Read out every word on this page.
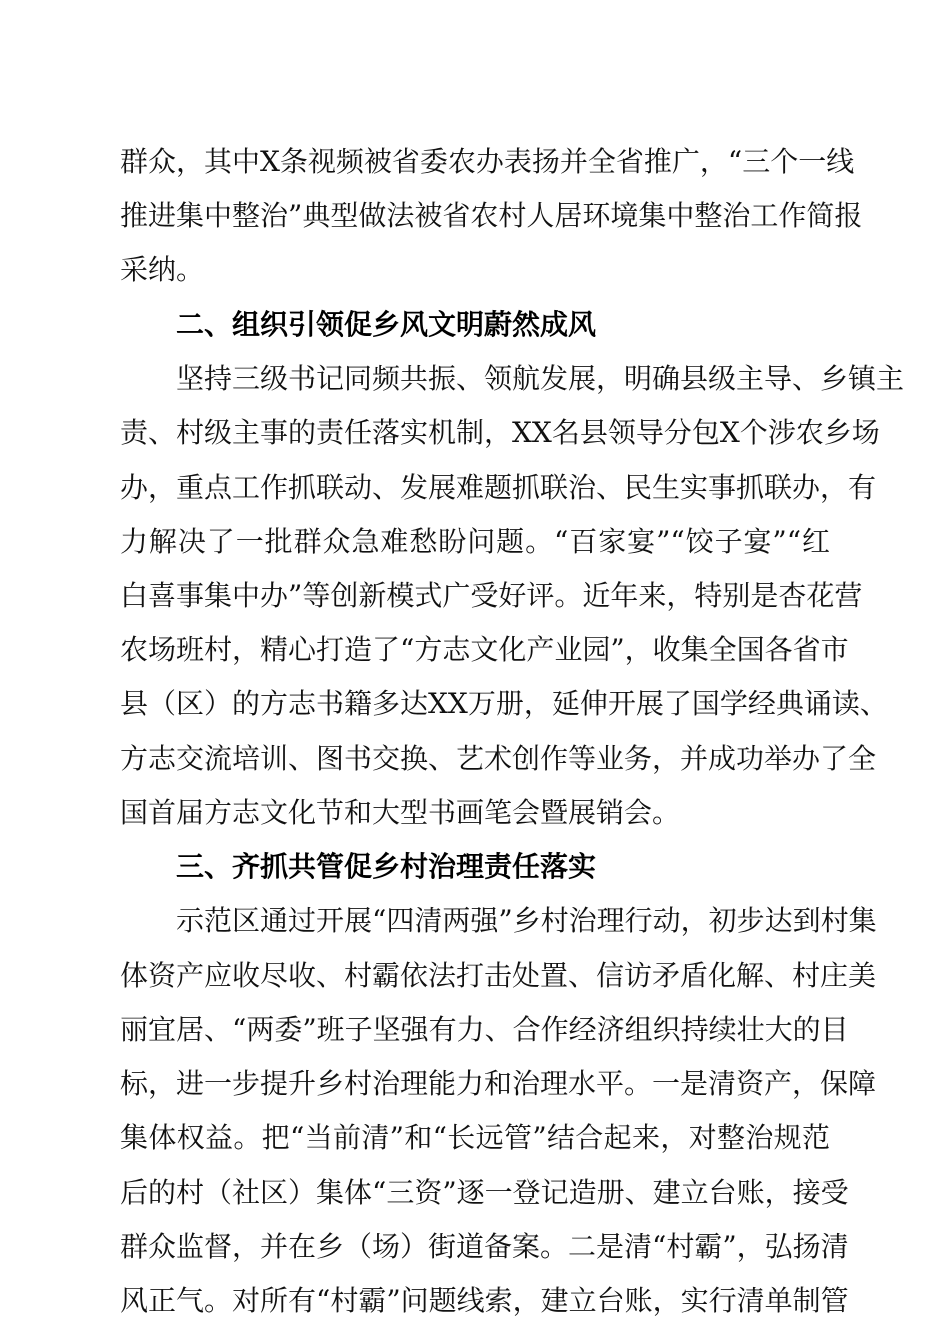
群众，其中X条视频被省委农办表扬并全省推广，“三个一线
推进集中整治”典型做法被省农村人居环境集中整治工作简报
采纳。
二、组织引领促乡风文明蔚然成风
坚持三级书记同频共振、领航发展，明确县级主导、乡镇主
责、村级主事的责任落实机制，XX名县领导分包X个涉农乡场
办，重点工作抓联动、发展难题抓联治、民生实事抓联办，有
力解决了一批群众急难愁盼问题。“百家宴”“饺子宴”“红
白喜事集中办”等创新模式广受好评。近年来，特别是杏花营
农场班村，精心打造了“方志文化产业园”，收集全国各省市
县（区）的方志书籍多达XX万册，延伸开展了国学经典诵读、
方志交流培训、图书交换、艺术创作等业务，并成功举办了全
国首届方志文化节和大型书画笔会暨展销会。
三、齐抓共管促乡村治理责任落实
示范区通过开展“四清两强”乡村治理行动，初步达到村集
体资产应收尽收、村霸依法打击处置、信访矛盾化解、村庄美
丽宜居、“两委”班子坚强有力、合作经济组织持续壮大的目
标，进一步提升乡村治理能力和治理水平。一是清资产，保障
集体权益。把“当前清”和“长远管”结合起来，对整治规范
后的村（社区）集体“三资”逐一登记造册、建立台账，接受
群众监督，并在乡（场）街道备案。二是清“村霸”，弘扬清
风正气。对所有“村霸”问题线索，建立台账，实行清单制管
